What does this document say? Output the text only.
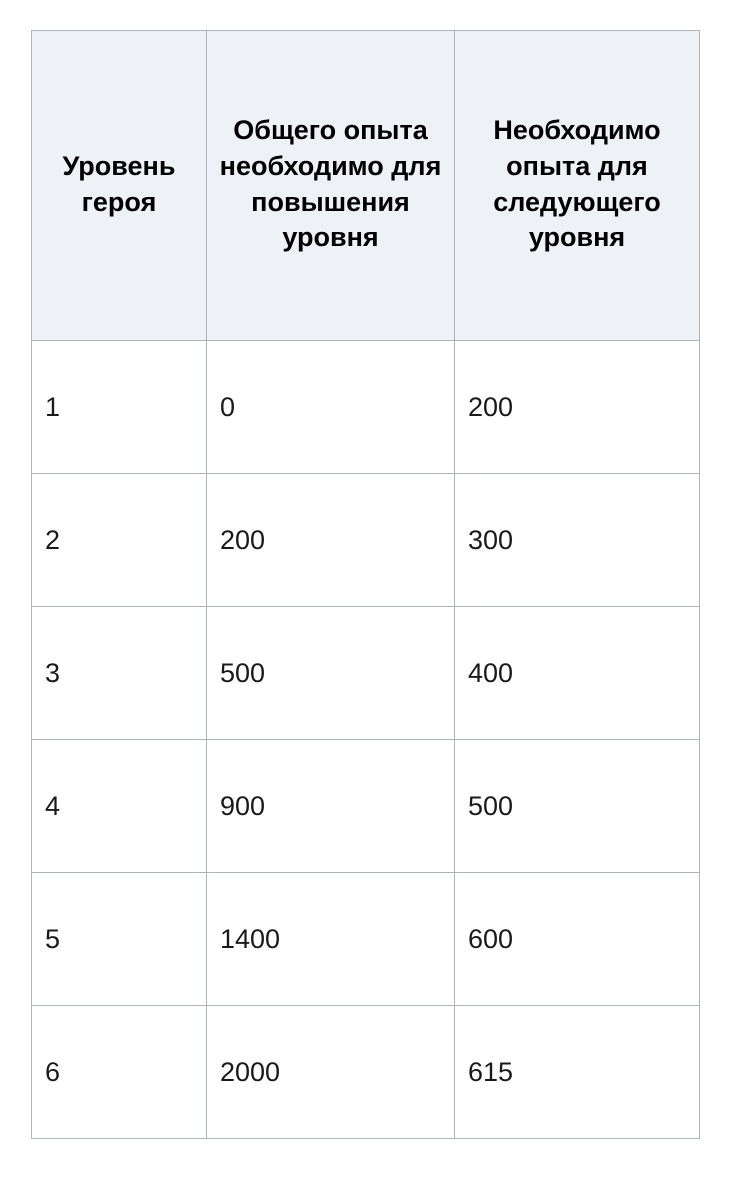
Уровень героя	Общего опыта необходимо для повышения уровня	Необходимо опыта для следующего уровня
1	0	200
2	200	300
3	500	400
4	900	500
5	1400	600
6	2000	615
